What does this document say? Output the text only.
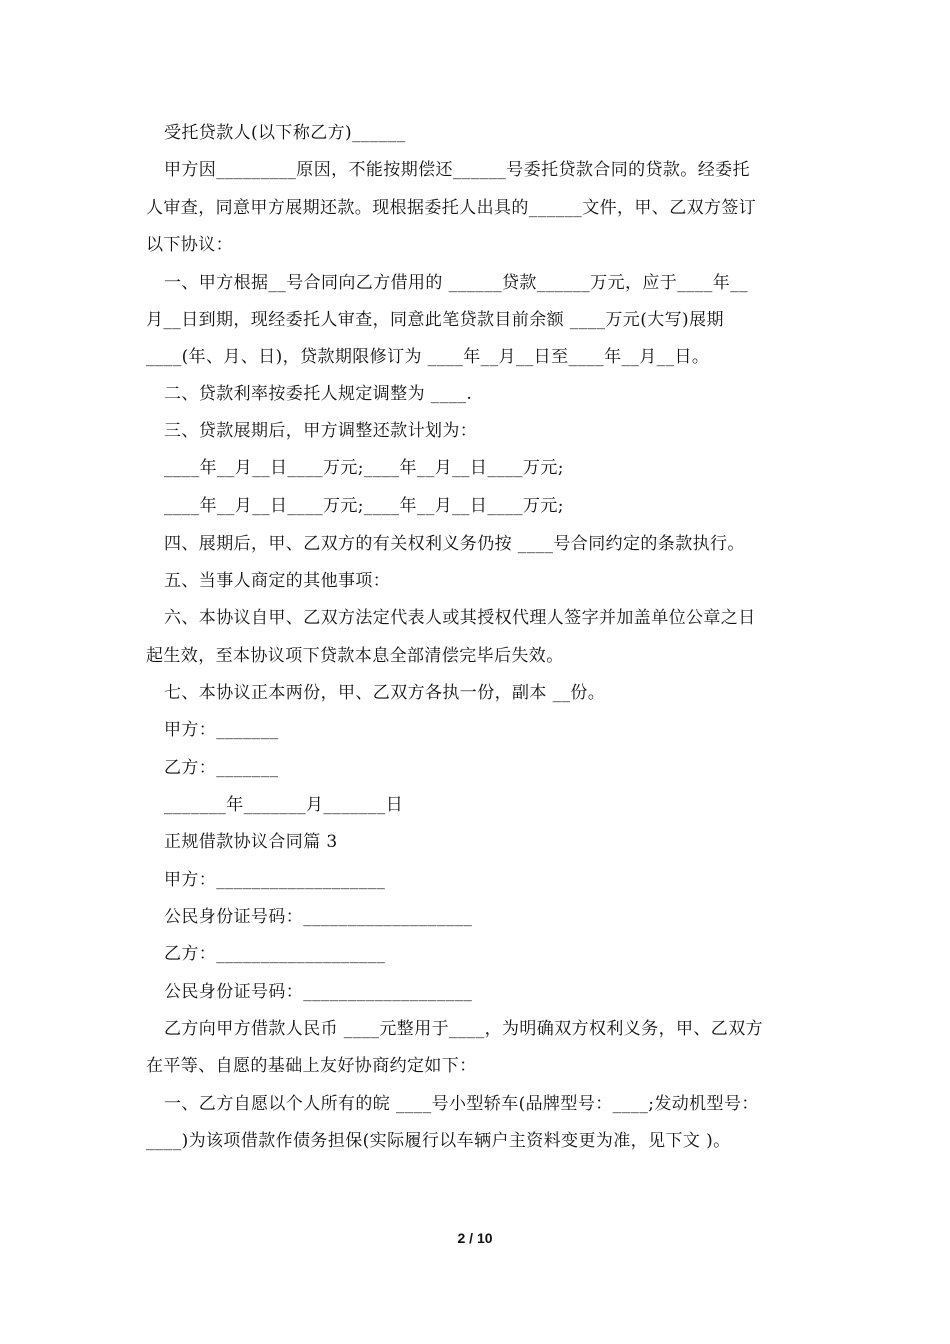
受托贷款人(以下称乙方)______
甲方因_________原因，不能按期偿还______号委托贷款合同的贷款。经委托
人审查，同意甲方展期还款。现根据委托人出具的______文件，甲、乙双方签订
以下协议：
一、甲方根据__号合同向乙方借用的 ______贷款______万元，应于____年__
月__日到期，现经委托人审查，同意此笔贷款目前余额 ____万元(大写)展期
____(年、月、日)，贷款期限修订为 ____年__月__日至____年__月__日。
二、贷款利率按委托人规定调整为 ____.
三、贷款展期后，甲方调整还款计划为：
____年__月__日____万元;____年__月__日____万元;
____年__月__日____万元;____年__月__日____万元;
四、展期后，甲、乙双方的有关权利义务仍按 ____号合同约定的条款执行。
五、当事人商定的其他事项：
六、本协议自甲、乙双方法定代表人或其授权代理人签字并加盖单位公章之日
起生效，至本协议项下贷款本息全部清偿完毕后失效。
七、本协议正本两份，甲、乙双方各执一份，副本 __份。
甲方：_______
乙方：_______
_______年_______月_______日
正规借款协议合同篇 3
甲方：___________________
公民身份证号码：___________________
乙方：___________________
公民身份证号码：___________________
乙方向甲方借款人民币 ____元整用于____，为明确双方权利义务，甲、乙双方
在平等、自愿的基础上友好协商约定如下：
一、乙方自愿以个人所有的皖 ____号小型轿车(品牌型号：____;发动机型号：
____)为该项借款作债务担保(实际履行以车辆户主资料变更为准，见下文 )。
2 / 10
